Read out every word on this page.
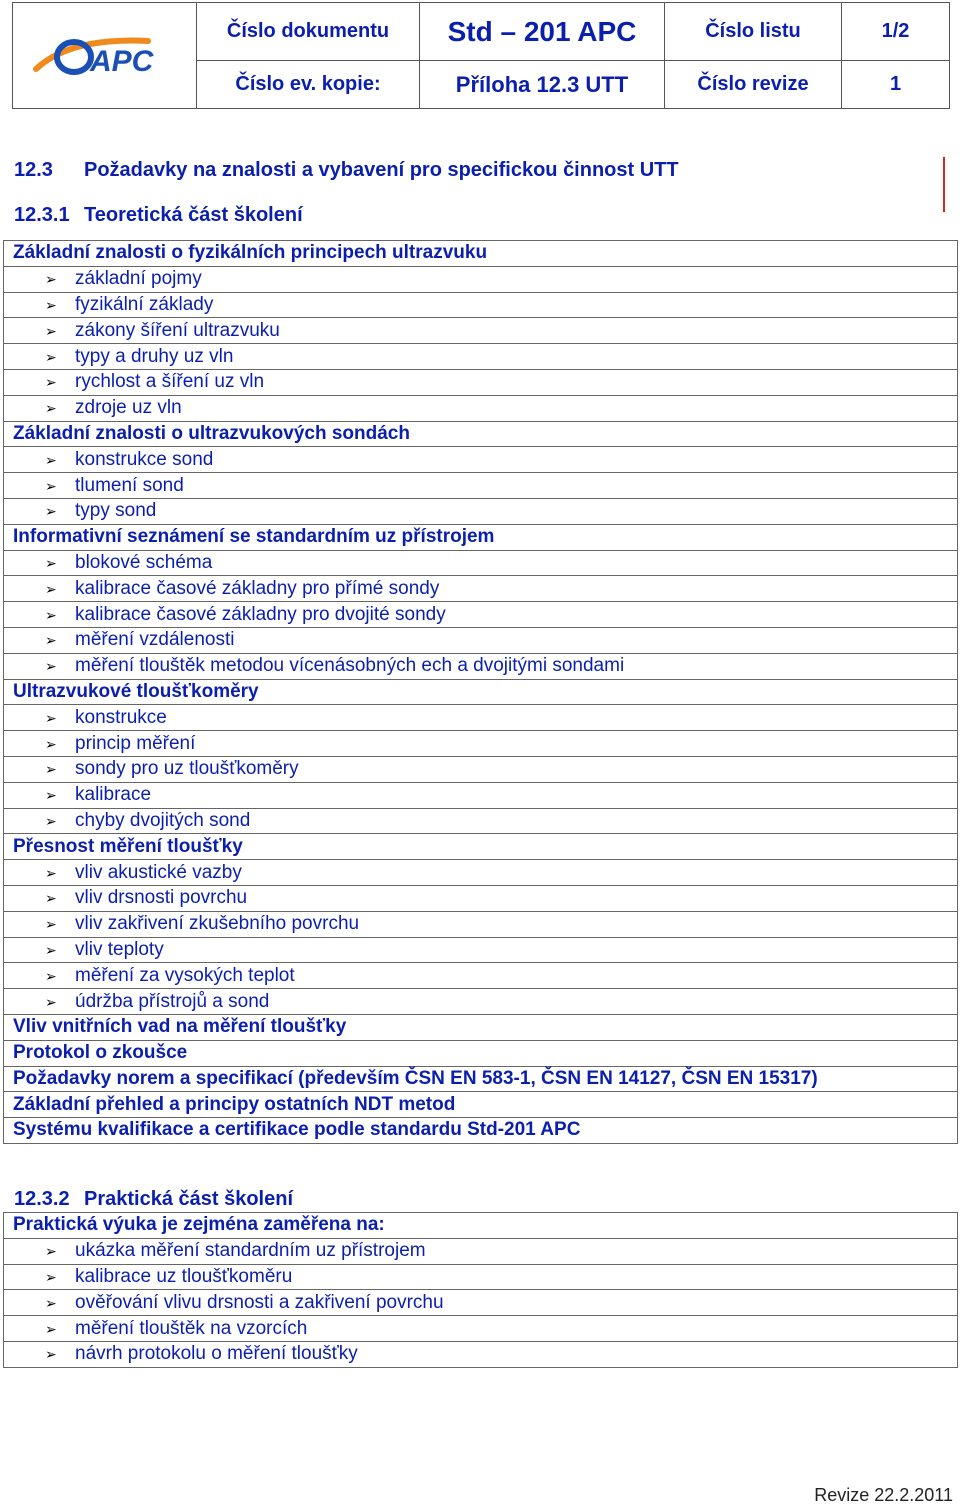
APC	Číslo dokumentu	Std – 201 APC	Číslo listu	1/2
	Číslo ev. kopie:	Příloha 12.3 UTT	Číslo revize	1
12.3 Požadavky na znalosti a vybavení pro specifickou činnost UTT
12.3.1 Teoretická část školení
Základní znalosti o fyzikálních principech ultrazvuku
➢ základní pojmy
➢ fyzikální základy
➢ zákony šíření ultrazvuku
➢ typy a druhy uz vln
➢ rychlost a šíření uz vln
➢ zdroje uz vln
Základní znalosti o ultrazvukových sondách
➢ konstrukce sond
➢ tlumení sond
➢ typy sond
Informativní seznámení se standardním uz přístrojem
➢ blokové schéma
➢ kalibrace časové základny pro přímé sondy
➢ kalibrace časové základny pro dvojité sondy
➢ měření vzdálenosti
➢ měření tlouštěk metodou vícenásobných ech a dvojitými sondami
Ultrazvukové tloušťkoměry
➢ konstrukce
➢ princip měření
➢ sondy pro uz tloušťkoměry
➢ kalibrace
➢ chyby dvojitých sond
Přesnost měření tloušťky
➢ vliv akustické vazby
➢ vliv drsnosti povrchu
➢ vliv zakřivení zkušebního povrchu
➢ vliv teploty
➢ měření za vysokých teplot
➢ údržba přístrojů a sond
Vliv vnitřních vad na měření tloušťky
Protokol o zkoušce
Požadavky norem a specifikací (především ČSN EN 583-1, ČSN EN 14127, ČSN EN 15317)
Základní přehled a principy ostatních NDT metod
Systému kvalifikace a certifikace podle standardu Std-201 APC
12.3.2 Praktická část školení
Praktická výuka je zejména zaměřena na:
➢ ukázka měření standardním uz přístrojem
➢ kalibrace uz tloušťkoměru
➢ ověřování vlivu drsnosti a zakřivení povrchu
➢ měření tlouštěk na vzorcích
➢ návrh protokolu o měření tloušťky
Revize 22.2.2011
